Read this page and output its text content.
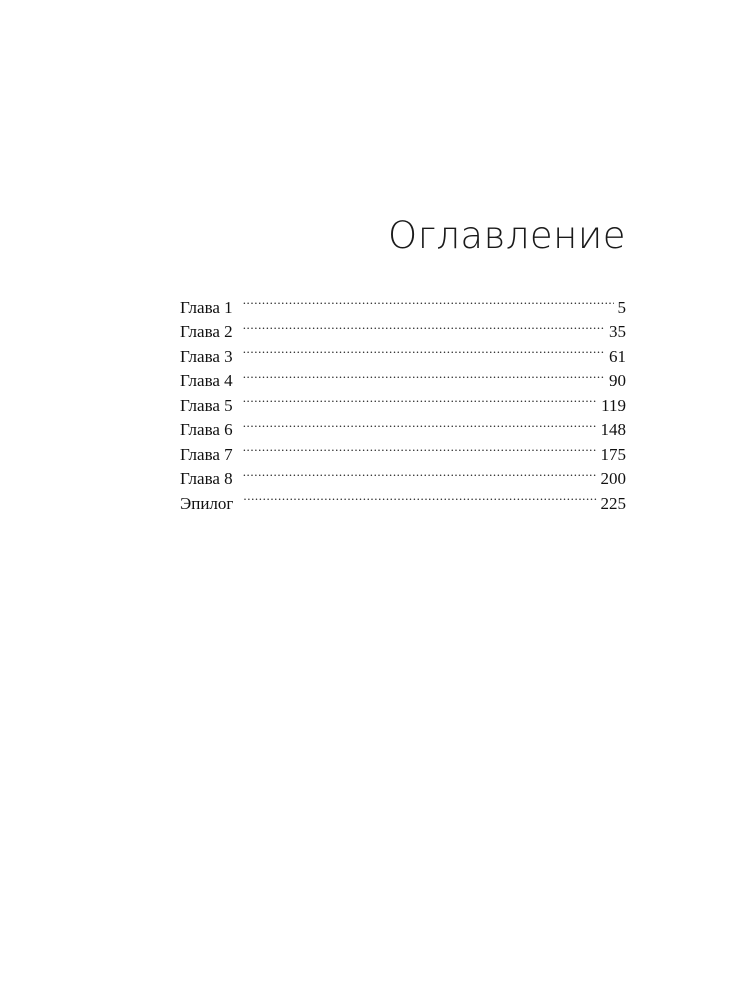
Оглавление
Глава 1 .....	5
Глава 2 .....	35
Глава 3 .....	61
Глава 4 .....	90
Глава 5 .....	119
Глава 6 .....	148
Глава 7 .....	175
Глава 8 .....	200
Эпилог .....	225
